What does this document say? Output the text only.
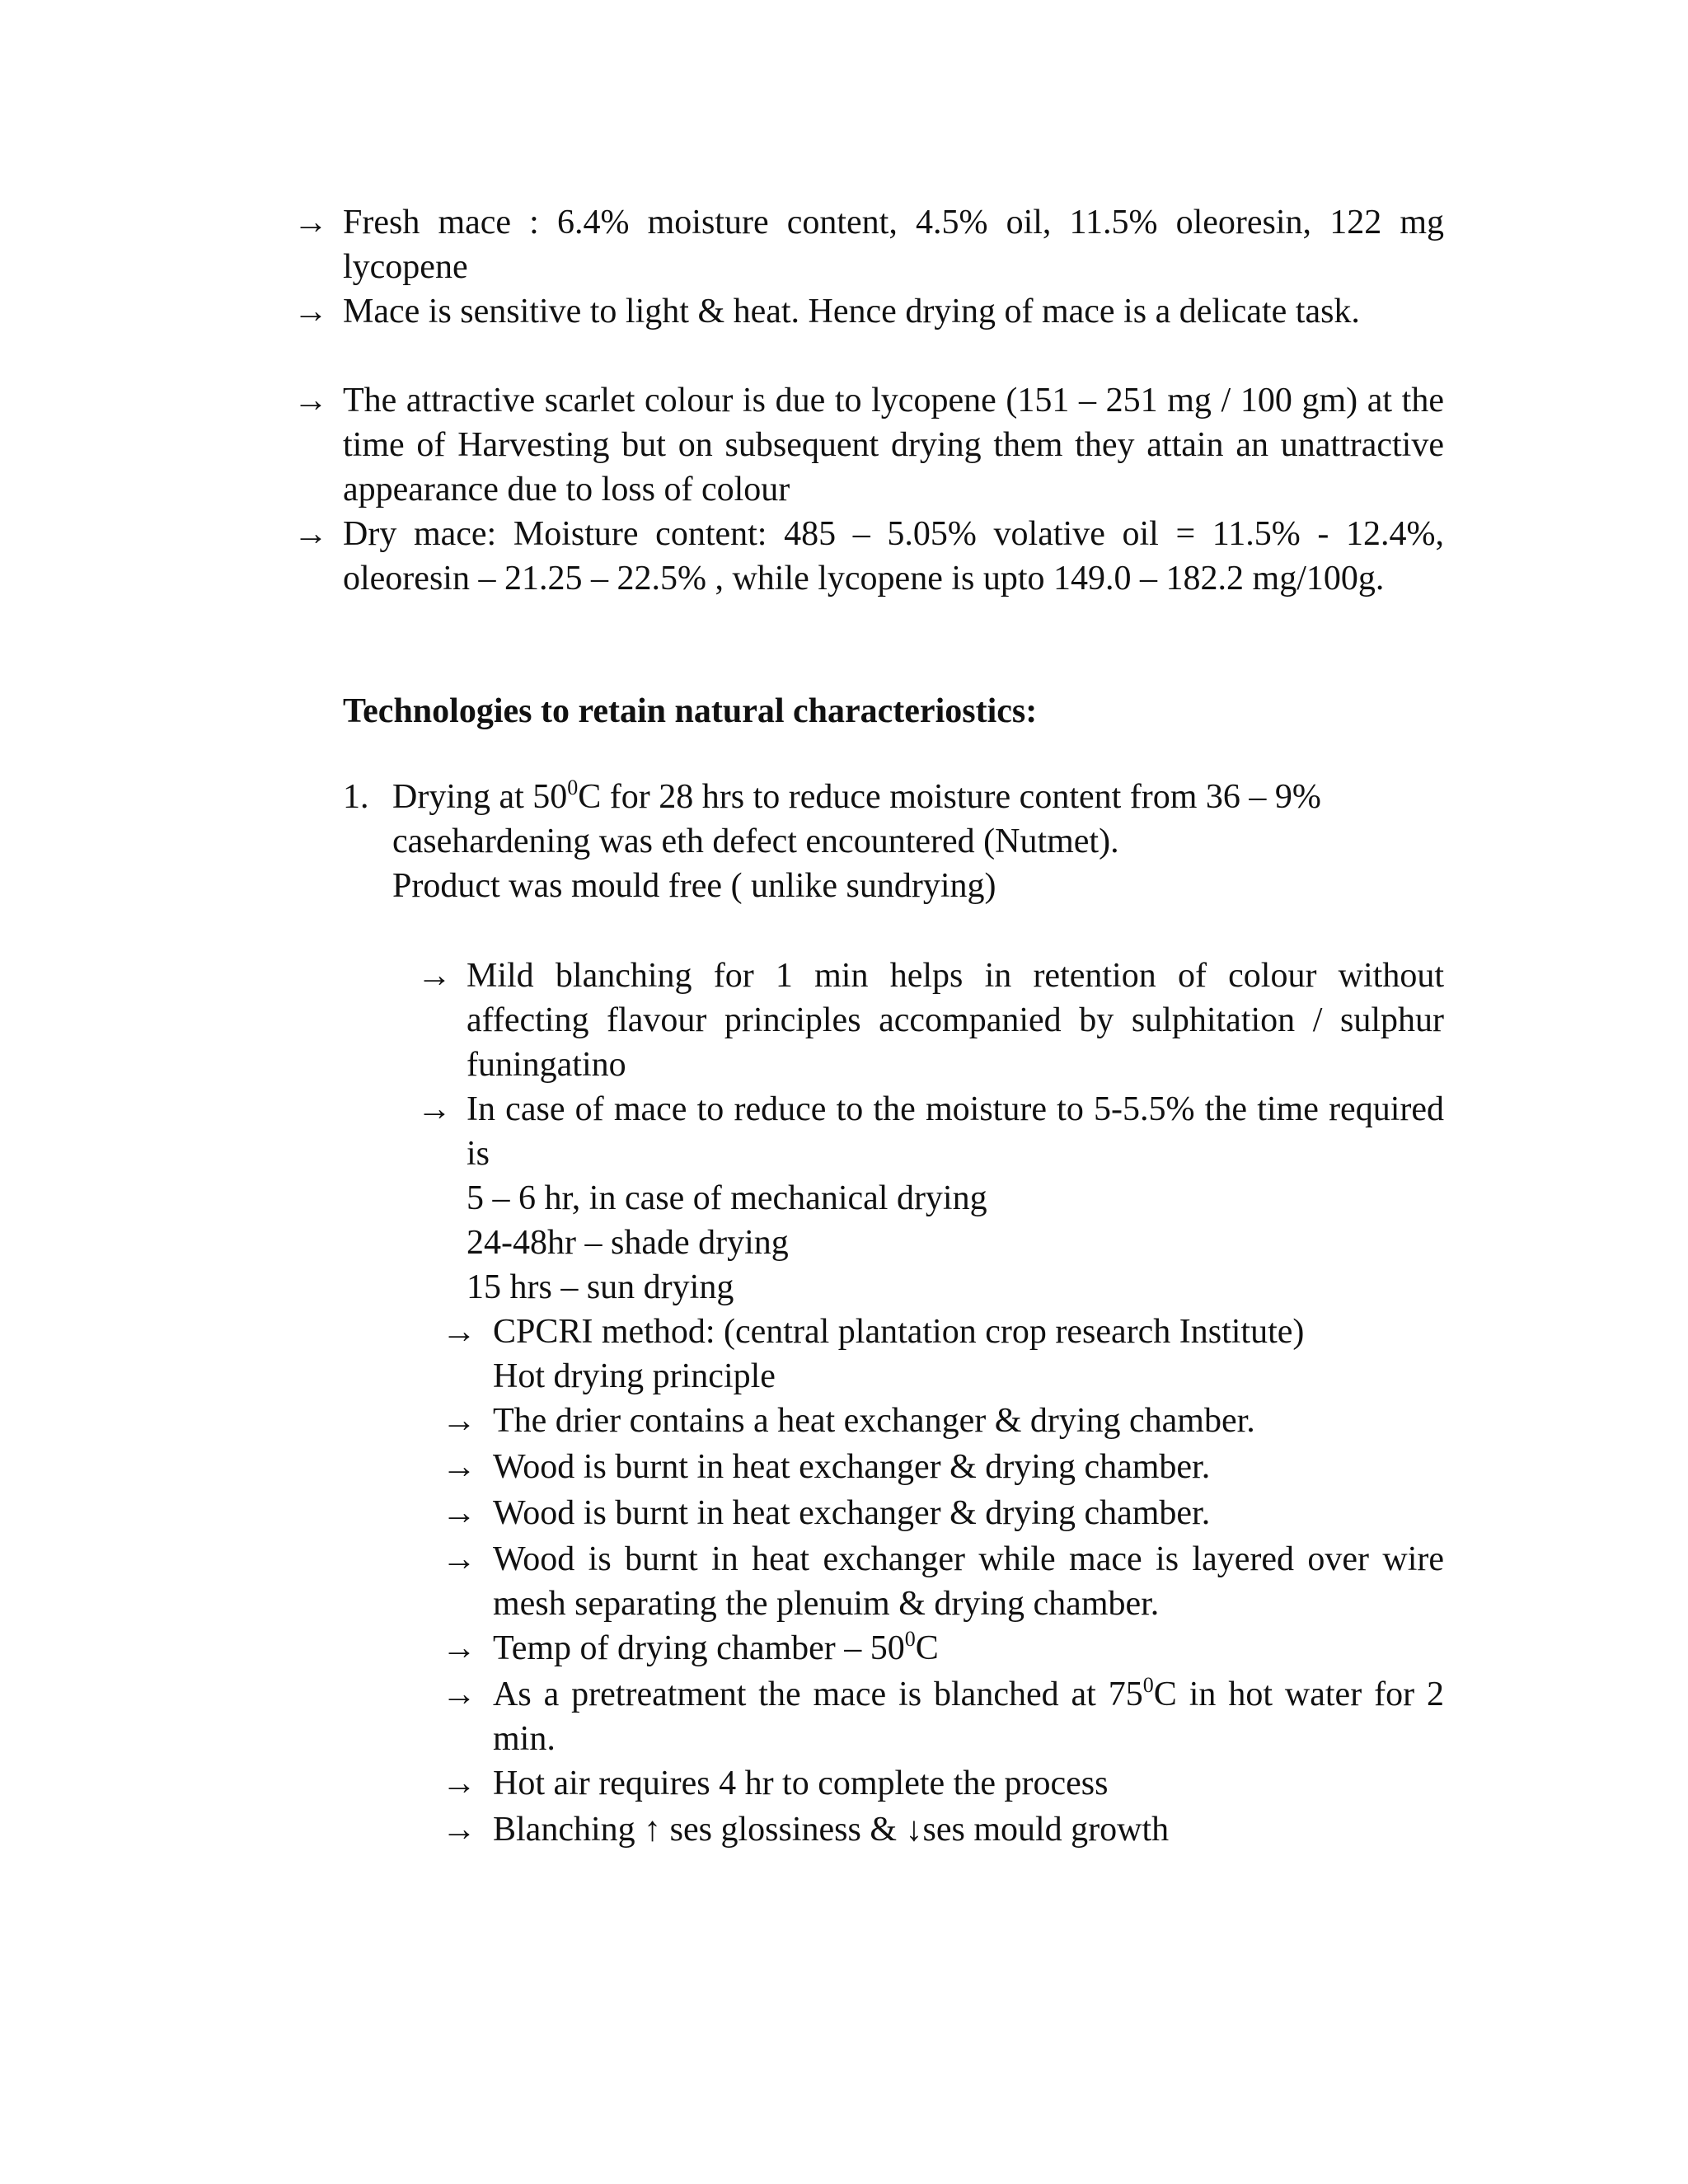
→ Fresh mace : 6.4% moisture content, 4.5% oil, 11.5% oleoresin, 122 mg lycopene
→ Mace is sensitive to light & heat. Hence drying of mace is a delicate task.
→ The attractive scarlet colour is due to lycopene (151 – 251 mg / 100 gm) at the time of Harvesting but on subsequent drying them they attain an unattractive appearance due to loss of colour
→ Dry mace: Moisture content: 485 – 5.05% volative oil = 11.5% - 12.4%, oleoresin – 21.25 – 22.5% , while lycopene is upto 149.0 – 182.2 mg/100g.
Technologies to retain natural characteriostics:
1. Drying at $50^0C$ for 28 hrs to reduce moisture content from 36 – 9%
casehardening was eth defect encountered (Nutmet).
Product was mould free ( unlike sundrying)
→ Mild blanching for 1 min helps in retention of colour without affecting flavour principles accompanied by sulphitation / sulphur funingatino
→ In case of mace to reduce to the moisture to 5-5.5% the time required is
5 – 6 hr, in case of mechanical drying
24-48hr – shade drying
15 hrs – sun drying
→ CPCRI method: (central plantation crop research Institute)
Hot drying principle
→ The drier contains a heat exchanger & drying chamber.
→ Wood is burnt in heat exchanger & drying chamber.
→ Wood is burnt in heat exchanger & drying chamber.
→ Wood is burnt in heat exchanger while mace is layered over wire mesh separating the plenuim & drying chamber.
→ Temp of drying chamber – $50^0C$
→ As a pretreatment the mace is blanched at $75^0C$ in hot water for 2 min.
→ Hot air requires 4 hr to complete the process
→ Blanching ↑ ses glossiness & ↓ses mould growth
